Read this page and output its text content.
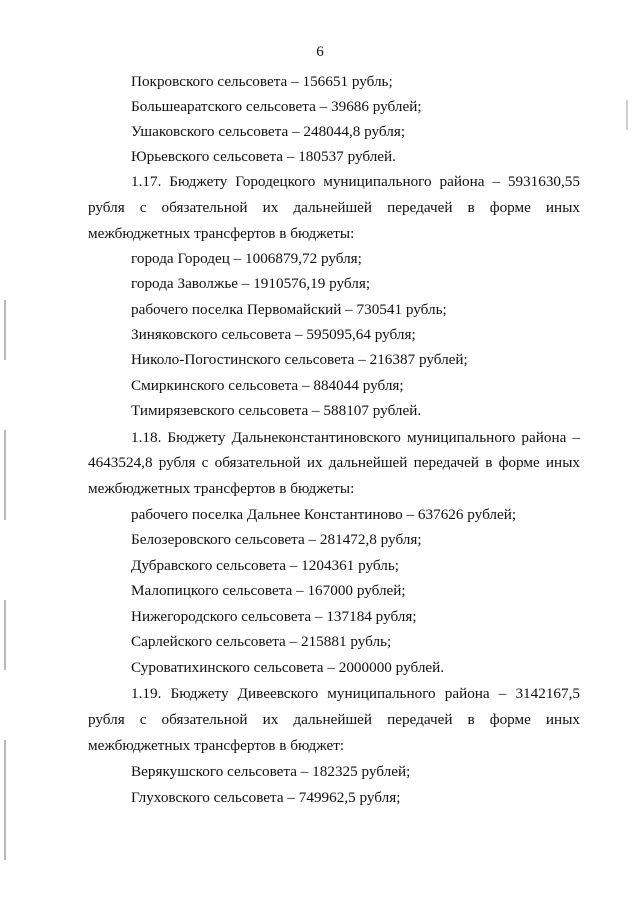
6
Покровского сельсовета – 156651 рубль;
Большеаратского сельсовета – 39686 рублей;
Ушаковского сельсовета – 248044,8 рубля;
Юрьевского сельсовета – 180537 рублей.
1.17. Бюджету Городецкого муниципального района – 5931630,55
рубля с обязательной их дальнейшей передачей в форме иных
межбюджетных трансфертов в бюджеты:
города Городец – 1006879,72 рубля;
города Заволжье – 1910576,19 рубля;
рабочего поселка Первомайский – 730541 рубль;
Зиняковского сельсовета – 595095,64 рубля;
Николо-Погостинского сельсовета – 216387 рублей;
Смиркинского сельсовета – 884044 рубля;
Тимирязевского сельсовета – 588107 рублей.
1.18. Бюджету Дальнеконстантиновского муниципального района –
4643524,8 рубля с обязательной их дальнейшей передачей в форме иных
межбюджетных трансфертов в бюджеты:
рабочего поселка Дальнее Константиново – 637626 рублей;
Белозеровского сельсовета – 281472,8 рубля;
Дубравского сельсовета – 1204361 рубль;
Малопицкого сельсовета – 167000 рублей;
Нижегородского сельсовета – 137184 рубля;
Сарлейского сельсовета – 215881 рубль;
Суроватихинского сельсовета – 2000000 рублей.
1.19. Бюджету Дивеевского муниципального района – 3142167,5
рубля с обязательной их дальнейшей передачей в форме иных
межбюджетных трансфертов в бюджет:
Верякушского сельсовета – 182325 рублей;
Глуховского сельсовета – 749962,5 рубля;
